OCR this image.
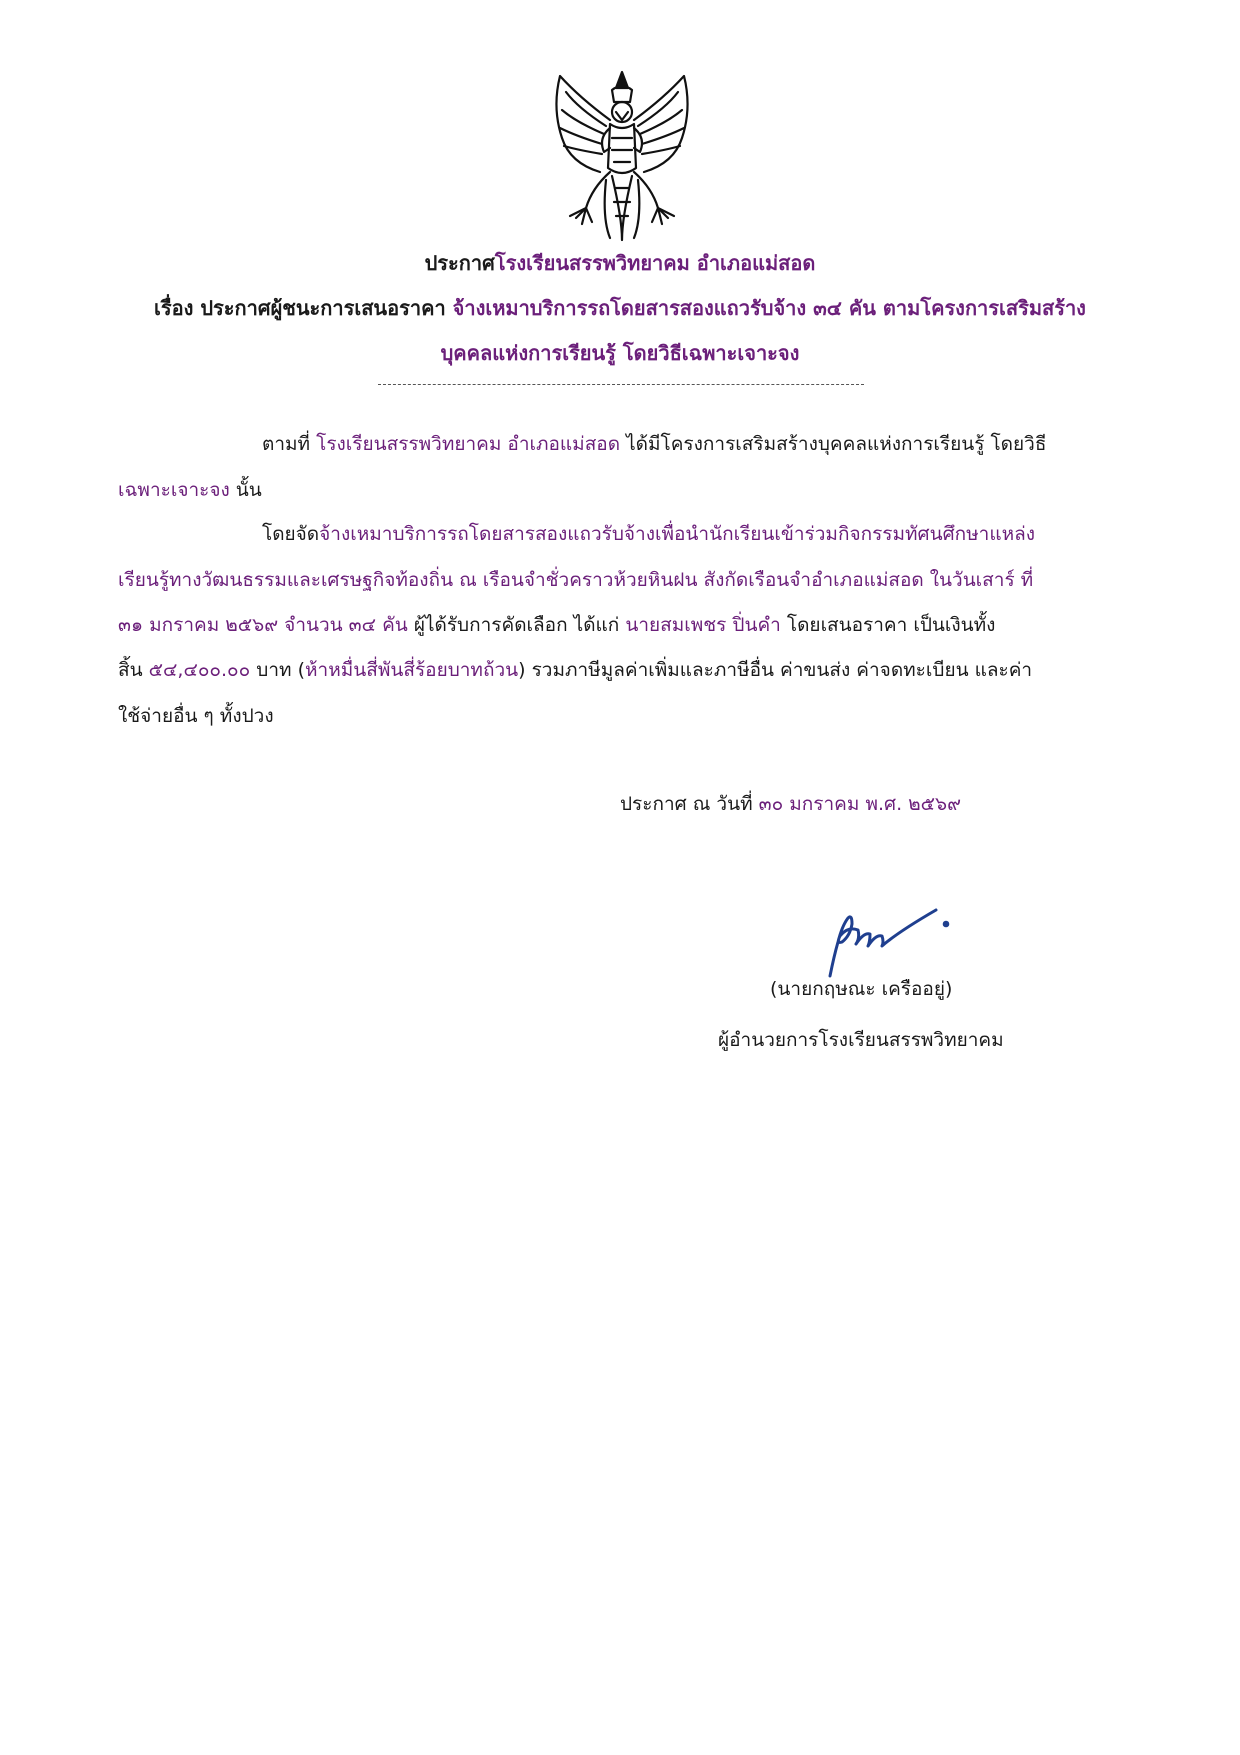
ประกาศโรงเรียนสรรพวิทยาคม อำเภอแม่สอด
เรื่อง ประกาศผู้ชนะการเสนอราคา จ้างเหมาบริการรถโดยสารสองแถวรับจ้าง ๓๔ คัน ตามโครงการเสริมสร้าง
บุคคลแห่งการเรียนรู้ โดยวิธีเฉพาะเจาะจง
ตามที่ โรงเรียนสรรพวิทยาคม อำเภอแม่สอด ได้มีโครงการเสริมสร้างบุคคลแห่งการเรียนรู้ โดยวิธี
เฉพาะเจาะจง นั้น
โดยจัดจ้างเหมาบริการรถโดยสารสองแถวรับจ้างเพื่อนำนักเรียนเข้าร่วมกิจกรรมทัศนศึกษาแหล่ง
เรียนรู้ทางวัฒนธรรมและเศรษฐกิจท้องถิ่น ณ เรือนจำชั่วคราวห้วยหินฝน สังกัดเรือนจำอำเภอแม่สอด ในวันเสาร์ ที่
๓๑ มกราคม ๒๕๖๙ จำนวน ๓๔ คัน ผู้ได้รับการคัดเลือก ได้แก่ นายสมเพชร ปิ่นคำ โดยเสนอราคา เป็นเงินทั้ง
สิ้น ๕๔,๔๐๐.๐๐ บาท (ห้าหมื่นสี่พันสี่ร้อยบาทถ้วน) รวมภาษีมูลค่าเพิ่มและภาษีอื่น ค่าขนส่ง ค่าจดทะเบียน และค่า
ใช้จ่ายอื่น ๆ ทั้งปวง
ประกาศ ณ วันที่ ๓๐ มกราคม พ.ศ. ๒๕๖๙
(นายกฤษณะ เครืออยู่)
ผู้อำนวยการโรงเรียนสรรพวิทยาคม
